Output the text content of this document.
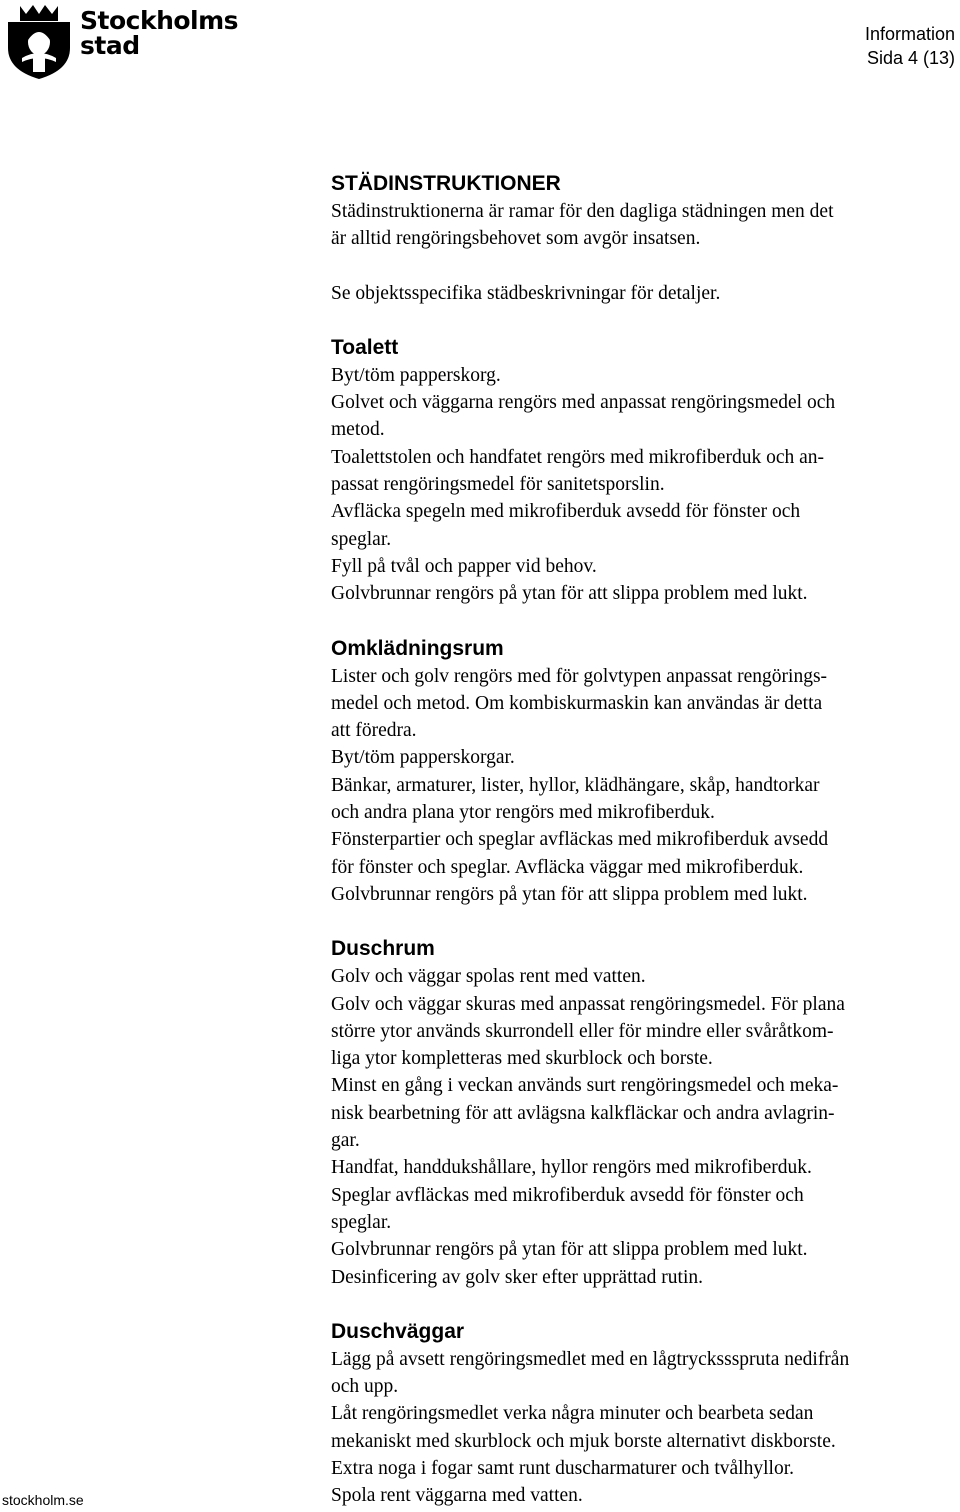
Stockholms
stad	Information
Sida 4 (13)
STÄDINSTRUKTIONER
Städinstruktionerna är ramar för den dagliga städningen men det
är alltid rengöringsbehovet som avgör insatsen.
Se objektsspecifika städbeskrivningar för detaljer.
Toalett
Byt/töm papperskorg.
Golvet och väggarna rengörs med anpassat rengöringsmedel och
metod.
Toalettstolen och handfatet rengörs med mikrofiberduk och an-
passat rengöringsmedel för sanitetsporslin.
Avfläcka spegeln med mikrofiberduk avsedd för fönster och
speglar.
Fyll på tvål och papper vid behov.
Golvbrunnar rengörs på ytan för att slippa problem med lukt.
Omklädningsrum
Lister och golv rengörs med för golvtypen anpassat rengörings-
medel och metod. Om kombiskurmaskin kan användas är detta
att föredra.
Byt/töm papperskorgar.
Bänkar, armaturer, lister, hyllor, klädhängare, skåp, handtorkar
och andra plana ytor rengörs med mikrofiberduk.
Fönsterpartier och speglar avfläckas med mikrofiberduk avsedd
för fönster och speglar. Avfläcka väggar med mikrofiberduk.
Golvbrunnar rengörs på ytan för att slippa problem med lukt.
Duschrum
Golv och väggar spolas rent med vatten.
Golv och väggar skuras med anpassat rengöringsmedel. För plana
större ytor används skurrondell eller för mindre eller svåråtkom-
liga ytor kompletteras med skurblock och borste.
Minst en gång i veckan används surt rengöringsmedel och meka-
nisk bearbetning för att avlägsna kalkfläckar och andra avlagrin-
gar.
Handfat, handdukshållare, hyllor rengörs med mikrofiberduk.
Speglar avfläckas med mikrofiberduk avsedd för fönster och
speglar.
Golvbrunnar rengörs på ytan för att slippa problem med lukt.
Desinficering av golv sker efter upprättad rutin.
Duschväggar
Lägg på avsett rengöringsmedlet med en lågtryckssspruta nedifrån
och upp.
Låt rengöringsmedlet verka några minuter och bearbeta sedan
mekaniskt med skurblock och mjuk borste alternativt diskborste.
Extra noga i fogar samt runt duscharmaturer och tvålhyllor.
Spola rent väggarna med vatten.
stockholm.se
